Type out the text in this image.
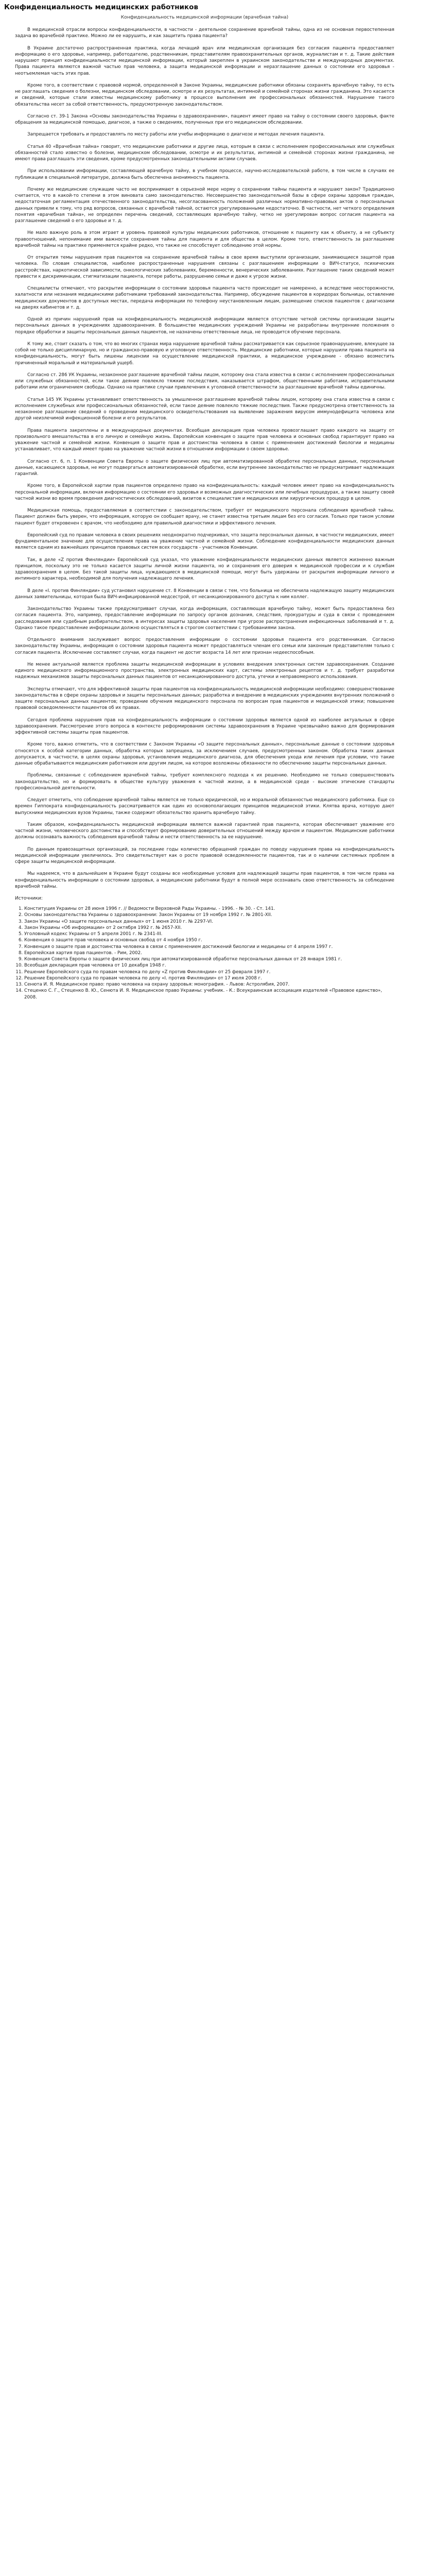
Конфиденциальность медицинских работников
Конфиденциальность медицинской информации (врачебная тайна)

В медицинской отрасли вопросы конфиденциальности, в частности - деятельное сохранение врачебной тайны, одна из не основная первостепенная задача во врачебной практике. Можно ли ее нарушить, и как защитить права пациента?

В Украине достаточно распространенная практика, когда лечащий врач или медицинская организация без согласия пациента предоставляет информацию о его здоровье, например, работодателю, родственникам, представителям правоохранительных органов, журналистам и т. д. Такие действия нарушают принцип конфиденциальности медицинской информации, который закреплен в украинском законодательстве и международных документах. Права пациента являются важной частью прав человека, а защита медицинской информации и неразглашение данных о состоянии его здоровья - неотъемлемая часть этих прав.

Кроме того, в соответствии с правовой нормой, определенной в Законе Украины, медицинские работники обязаны сохранять врачебную тайну, то есть не разглашать сведения о болезни, медицинском обследовании, осмотре и их результатах, интимной и семейной сторонах жизни гражданина. Это касается и сведений, которые стали известны медицинскому работнику в процессе выполнения им профессиональных обязанностей. Нарушение такого обязательства несет за собой ответственность, предусмотренную законодательством.

Согласно ст. 39-1 Закона «Основы законодательства Украины о здравоохранении», пациент имеет право на тайну о состоянии своего здоровья, факте обращения за медицинской помощью, диагнозе, а также о сведениях, полученных при его медицинском обследовании.

Запрещается требовать и предоставлять по месту работы или учебы информацию о диагнозе и методах лечения пациента.

Статья 40 «Врачебная тайна» говорит, что медицинские работники и другие лица, которым в связи с исполнением профессиональных или служебных обязанностей стало известно о болезни, медицинском обследовании, осмотре и их результатах, интимной и семейной сторонах жизни гражданина, не имеют права разглашать эти сведения, кроме предусмотренных законодательными актами случаев.

При использовании информации, составляющей врачебную тайну, в учебном процессе, научно-исследовательской работе, в том числе в случаях ее публикации в специальной литературе, должна быть обеспечена анонимность пациента.

Почему же медицинские служащие часто не воспринимают в серьезной мере норму о сохранении тайны пациента и нарушают закон? Традиционно считается, что в какой-то степени в этом виновата само законодательство. Несовершенство законодательной базы в сфере охраны здоровья граждан, недостаточная регламентация отечественного законодательства, несогласованность положений различных нормативно-правовых актов о персональных данных привели к тому, что ряд вопросов, связанных с врачебной тайной, остаются урегулированными недостаточно. В частности, нет четкого определения понятия «врачебная тайна», не определен перечень сведений, составляющих врачебную тайну, четко не урегулирован вопрос согласия пациента на разглашение сведений о его здоровье и т. д.

Не мало важную роль в этом играет и уровень правовой культуры медицинских работников, отношение к пациенту как к объекту, а не субъекту правоотношений, непонимание ими важности сохранения тайны для пациента и для общества в целом. Кроме того, ответственность за разглашение врачебной тайны на практике применяется крайне редко, что также не способствует соблюдению этой нормы.

От открытия темы нарушения прав пациентов на сохранение врачебной тайны в свое время выступили организации, занимающиеся защитой прав человека. По словам специалистов, наиболее распространенные нарушения связаны с разглашением информации о ВИЧ-статусе, психических расстройствах, наркотической зависимости, онкологических заболеваниях, беременности, венерических заболеваниях. Разглашение таких сведений может привести к дискриминации, стигматизации пациента, потере работы, разрушению семьи и даже к угрозе жизни.

Специалисты отмечают, что раскрытие информации о состоянии здоровья пациента часто происходит не намеренно, а вследствие неосторожности, халатности или незнания медицинскими работниками требований законодательства. Например, обсуждение пациентов в коридорах больницы, оставление медицинских документов в доступных местах, передача информации по телефону неустановленным лицам, размещение списков пациентов с диагнозами на дверях кабинетов и т. д.

Одной из причин нарушений прав на конфиденциальность медицинской информации является отсутствие четкой системы организации защиты персональных данных в учреждениях здравоохранения. В большинстве медицинских учреждений Украины не разработаны внутренние положения о порядке обработки и защиты персональных данных пациентов, не назначены ответственные лица, не проводится обучение персонала.

К тому же, стоит сказать о том, что во многих странах мира нарушение врачебной тайны рассматривается как серьезное правонарушение, влекущее за собой не только дисциплинарную, но и гражданско-правовую и уголовную ответственность. Медицинские работники, которые нарушили права пациента на конфиденциальность, могут быть лишены лицензии на осуществление медицинской практики, а медицинское учреждение - обязано возместить причиненный моральный и материальный ущерб.

Согласно ст. 286 УК Украины, незаконное разглашение врачебной тайны лицом, которому она стала известна в связи с исполнением профессиональных или служебных обязанностей, если такое деяние повлекло тяжкие последствия, наказывается штрафом, общественными работами, исправительными работами или ограничением свободы. Однако на практике случаи привлечения к уголовной ответственности за разглашение врачебной тайны единичны.

Статья 145 УК Украины устанавливает ответственность за умышленное разглашение врачебной тайны лицом, которому она стала известна в связи с исполнением служебных или профессиональных обязанностей, если такое деяние повлекло тяжкие последствия. Также предусмотрена ответственность за незаконное разглашение сведений о проведении медицинского освидетельствования на выявление заражения вирусом иммунодефицита человека или другой неизлечимой инфекционной болезни и его результатов.

Права пациента закреплены и в международных документах. Всеобщая декларация прав человека провозглашает право каждого на защиту от произвольного вмешательства в его личную и семейную жизнь. Европейская конвенция о защите прав человека и основных свобод гарантирует право на уважение частной и семейной жизни. Конвенция о защите прав и достоинства человека в связи с применением достижений биологии и медицины устанавливает, что каждый имеет право на уважение частной жизни в отношении информации о своем здоровье.

Согласно ст. 6, п. 1 Конвенции Совета Европы о защите физических лиц при автоматизированной обработке персональных данных, персональные данные, касающиеся здоровья, не могут подвергаться автоматизированной обработке, если внутреннее законодательство не предусматривает надлежащих гарантий.

Кроме того, в Европейской хартии прав пациентов определено право на конфиденциальность: каждый человек имеет право на конфиденциальность персональной информации, включая информацию о состоянии его здоровья и возможных диагностических или лечебных процедурах, а также защиту своей частной жизни во время проведения диагностических обследований, визитов к специалистам и медицинских или хирургических процедур в целом.

Медицинская помощь, предоставляемая в соответствии с законодательством, требует от медицинского персонала соблюдения врачебной тайны. Пациент должен быть уверен, что информация, которую он сообщает врачу, не станет известна третьим лицам без его согласия. Только при таком условии пациент будет откровенен с врачом, что необходимо для правильной диагностики и эффективного лечения.

Европейский суд по правам человека в своих решениях неоднократно подчеркивал, что защита персональных данных, в частности медицинских, имеет фундаментальное значение для осуществления права на уважение частной и семейной жизни. Соблюдение конфиденциальности медицинских данных является одним из важнейших принципов правовых систем всех государств - участников Конвенции.

Так, в деле «Z против Финляндии» Европейский суд указал, что уважение конфиденциальности медицинских данных является жизненно важным принципом, поскольку это не только касается защиты личной жизни пациента, но и сохранения его доверия к медицинской профессии и к службам здравоохранения в целом. Без такой защиты лица, нуждающиеся в медицинской помощи, могут быть удержаны от раскрытия информации личного и интимного характера, необходимой для получения надлежащего лечения.

В деле «I. против Финляндии» суд установил нарушение ст. 8 Конвенции в связи с тем, что больница не обеспечила надлежащую защиту медицинских данных заявительницы, которая была ВИЧ-инфицированной медсестрой, от несанкционированного доступа к ним коллег.

Законодательство Украины также предусматривает случаи, когда информация, составляющая врачебную тайну, может быть предоставлена без согласия пациента. Это, например, предоставление информации по запросу органов дознания, следствия, прокуратуры и суда в связи с проведением расследования или судебным разбирательством, в интересах защиты здоровья населения при угрозе распространения инфекционных заболеваний и т. д. Однако такое предоставление информации должно осуществляться в строгом соответствии с требованиями закона.

Отдельного внимания заслуживает вопрос предоставления информации о состоянии здоровья пациента его родственникам. Согласно законодательству Украины, информация о состоянии здоровья пациента может предоставляться членам его семьи или законным представителям только с согласия пациента. Исключение составляют случаи, когда пациент не достиг возраста 14 лет или признан недееспособным.

Не менее актуальной является проблема защиты медицинской информации в условиях внедрения электронных систем здравоохранения. Создание единого медицинского информационного пространства, электронных медицинских карт, системы электронных рецептов и т. д. требует разработки надежных механизмов защиты персональных данных пациентов от несанкционированного доступа, утечки и неправомерного использования.

Эксперты отмечают, что для эффективной защиты прав пациентов на конфиденциальность медицинской информации необходимо: совершенствование законодательства в сфере охраны здоровья и защиты персональных данных; разработка и внедрение в медицинских учреждениях внутренних положений о защите персональных данных пациентов; проведение обучения медицинского персонала по вопросам прав пациентов и медицинской этики; повышение правовой осведомленности пациентов об их правах.

Сегодня проблема нарушения прав на конфиденциальность информации о состоянии здоровья является одной из наиболее актуальных в сфере здравоохранения. Рассмотрение этого вопроса в контексте реформирования системы здравоохранения в Украине чрезвычайно важно для формирования эффективной системы защиты прав пациентов.

Кроме того, важно отметить, что в соответствии с Законом Украины «О защите персональных данных», персональные данные о состоянии здоровья относятся к особой категории данных, обработка которых запрещена, за исключением случаев, предусмотренных законом. Обработка таких данных допускается, в частности, в целях охраны здоровья, установления медицинского диагноза, для обеспечения ухода или лечения при условии, что такие данные обрабатываются медицинским работником или другим лицом, на которое возложены обязанности по обеспечению защиты персональных данных.

Проблемы, связанные с соблюдением врачебной тайны, требуют комплексного подхода к их решению. Необходимо не только совершенствовать законодательство, но и формировать в обществе культуру уважения к частной жизни, а в медицинской среде - высокие этические стандарты профессиональной деятельности.

Следует отметить, что соблюдение врачебной тайны является не только юридической, но и моральной обязанностью медицинского работника. Еще со времен Гиппократа конфиденциальность рассматривается как один из основополагающих принципов медицинской этики. Клятва врача, которую дают выпускники медицинских вузов Украины, также содержит обязательство хранить врачебную тайну.

Таким образом, конфиденциальность медицинской информации является важной гарантией прав пациента, которая обеспечивает уважение его частной жизни, человеческого достоинства и способствует формированию доверительных отношений между врачом и пациентом. Медицинские работники должны осознавать важность соблюдения врачебной тайны и нести ответственность за ее нарушение.

По данным правозащитных организаций, за последние годы количество обращений граждан по поводу нарушения права на конфиденциальность медицинской информации увеличилось. Это свидетельствует как о росте правовой осведомленности пациентов, так и о наличии системных проблем в сфере защиты медицинской информации.

Мы надеемся, что в дальнейшем в Украине будут созданы все необходимые условия для надлежащей защиты прав пациентов, в том числе права на конфиденциальность информации о состоянии здоровья, а медицинские работники будут в полной мере осознавать свою ответственность за соблюдение врачебной тайны.

Источники:
1. Конституция Украины от 28 июня 1996 г. // Ведомости Верховной Рады Украины. - 1996. - № 30. - Ст. 141.
2. Основы законодательства Украины о здравоохранении: Закон Украины от 19 ноября 1992 г. № 2801-XII.
3. Закон Украины «О защите персональных данных» от 1 июня 2010 г. № 2297-VI.
4. Закон Украины «Об информации» от 2 октября 1992 г. № 2657-XII.
5. Уголовный кодекс Украины от 5 апреля 2001 г. № 2341-III.
6. Конвенция о защите прав человека и основных свобод от 4 ноября 1950 г.
7. Конвенция о защите прав и достоинства человека в связи с применением достижений биологии и медицины от 4 апреля 1997 г.
8. Европейская хартия прав пациентов. - Рим, 2002.
9. Конвенция Совета Европы о защите физических лиц при автоматизированной обработке персональных данных от 28 января 1981 г.
10. Всеобщая декларация прав человека от 10 декабря 1948 г.
11. Решение Европейского суда по правам человека по делу «Z против Финляндии» от 25 февраля 1997 г.
12. Решение Европейского суда по правам человека по делу «I. против Финляндии» от 17 июля 2008 г.
13. Сенюта И. Я. Медицинское право: право человека на охрану здоровья: монография. - Львов: Астролябия, 2007.
14. Стеценко С. Г., Стеценко В. Ю., Сенюта И. Я. Медицинское право Украины: учебник. - К.: Всеукраинская ассоциация издателей «Правовое единство», 2008.
